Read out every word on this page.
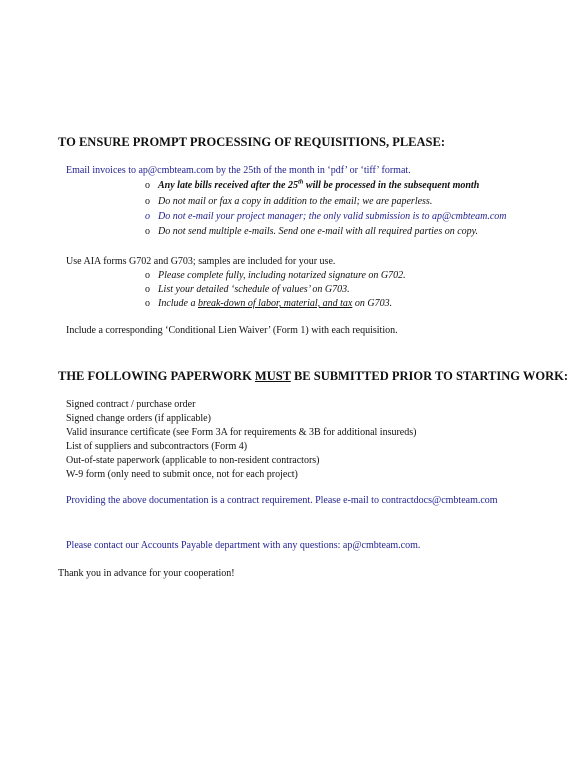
TO ENSURE PROMPT PROCESSING OF REQUISITIONS, PLEASE:
Email invoices to ap@cmbteam.com by the 25th of the month in ‘pdf’ or ‘tiff’ format.
o Any late bills received after the 25th will be processed in the subsequent month
o Do not mail or fax a copy in addition to the email; we are paperless.
o Do not e-mail your project manager; the only valid submission is to ap@cmbteam.com
o Do not send multiple e-mails. Send one e-mail with all required parties on copy.
Use AIA forms G702 and G703; samples are included for your use.
o Please complete fully, including notarized signature on G702.
o List your detailed ‘schedule of values’ on G703.
o Include a break-down of labor, material, and tax on G703.
Include a corresponding ‘Conditional Lien Waiver’ (Form 1) with each requisition.
THE FOLLOWING PAPERWORK MUST BE SUBMITTED PRIOR TO STARTING WORK:
Signed contract / purchase order
Signed change orders (if applicable)
Valid insurance certificate (see Form 3A for requirements & 3B for additional insureds)
List of suppliers and subcontractors (Form 4)
Out-of-state paperwork (applicable to non-resident contractors)
W-9 form (only need to submit once, not for each project)
Providing the above documentation is a contract requirement. Please e-mail to contractdocs@cmbteam.com
Please contact our Accounts Payable department with any questions: ap@cmbteam.com.
Thank you in advance for your cooperation!
